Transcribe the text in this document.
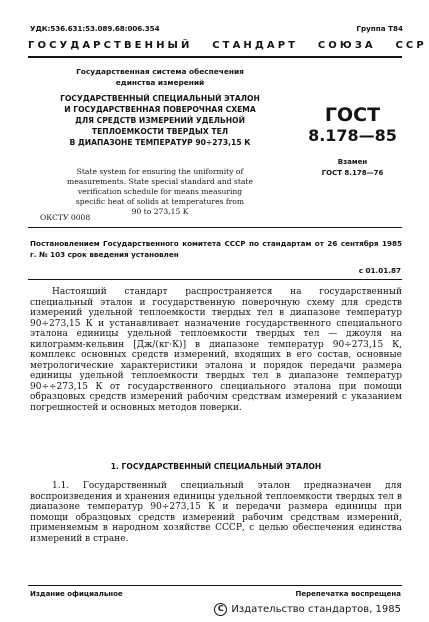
УДК:536.631:53.089.68:006.354	Группа Т84
ГОСУДАРСТВЕННЫЙ   СТАНДАРТ   СОЮЗА   ССР
Государственная система обеспечения
единства измерений
ГОСУДАРСТВЕННЫЙ СПЕЦИАЛЬНЫЙ ЭТАЛОН
И ГОСУДАРСТВЕННАЯ ПОВЕРОЧНАЯ СХЕМА
ДЛЯ СРЕДСТВ ИЗМЕРЕНИЙ УДЕЛЬНОЙ
ТЕПЛОЕМКОСТИ ТВЕРДЫХ ТЕЛ
В ДИАПАЗОНЕ ТЕМПЕРАТУР 90÷273,15 К
State system for ensuring the uniformity of
measurements. State special standard and state
verification schedule for means measuring
specific heat of solids at temperatures from
90 to 273,15 K
ГОСТ
8.178—85
Взамен
ГОСТ 8.178—76
ОКСТУ 0008
Постановлением Государственного комитета СССР по стандартам от 26 сентября 1985 г. № 103 срок введения установлен
с 01.01.87
Настоящий стандарт распространяется на государственный специальный эталон и государственную поверочную схему для средств измерений удельной теплоемкости твердых тел в диапазоне температур 90÷273,15 К и устанавливает назначение государственного специального эталона единицы удельной теплоемкости твердых тел — джоуля на килограмм-кельвин [Дж/(кг·К)] в диапазоне температур 90÷273,15 К, комплекс основных средств измерений, входящих в его состав, основные метрологические характеристики эталона и порядок передачи размера единицы удельной теплоемкости твердых тел в диапазоне температур 90÷÷273,15 К от государственного специального эталона при помощи образцовых средств измерений рабочим средствам измерений с указанием погрешностей и основных методов поверки.
1. ГОСУДАРСТВЕННЫЙ СПЕЦИАЛЬНЫЙ ЭТАЛОН
1.1. Государственный специальный эталон предназначен для воспроизведения и хранения единицы удельной теплоемкости твердых тел в диапазоне температур 90÷273,15 К и передачи размера единицы при помощи образцовых средств измерений рабочим средствам измерений, применяемым в народном хозяйстве СССР, с целью обеспечения единства измерений в стране.
Издание официальное	Перепечатка воспрещена
C Издательство стандартов, 1985
